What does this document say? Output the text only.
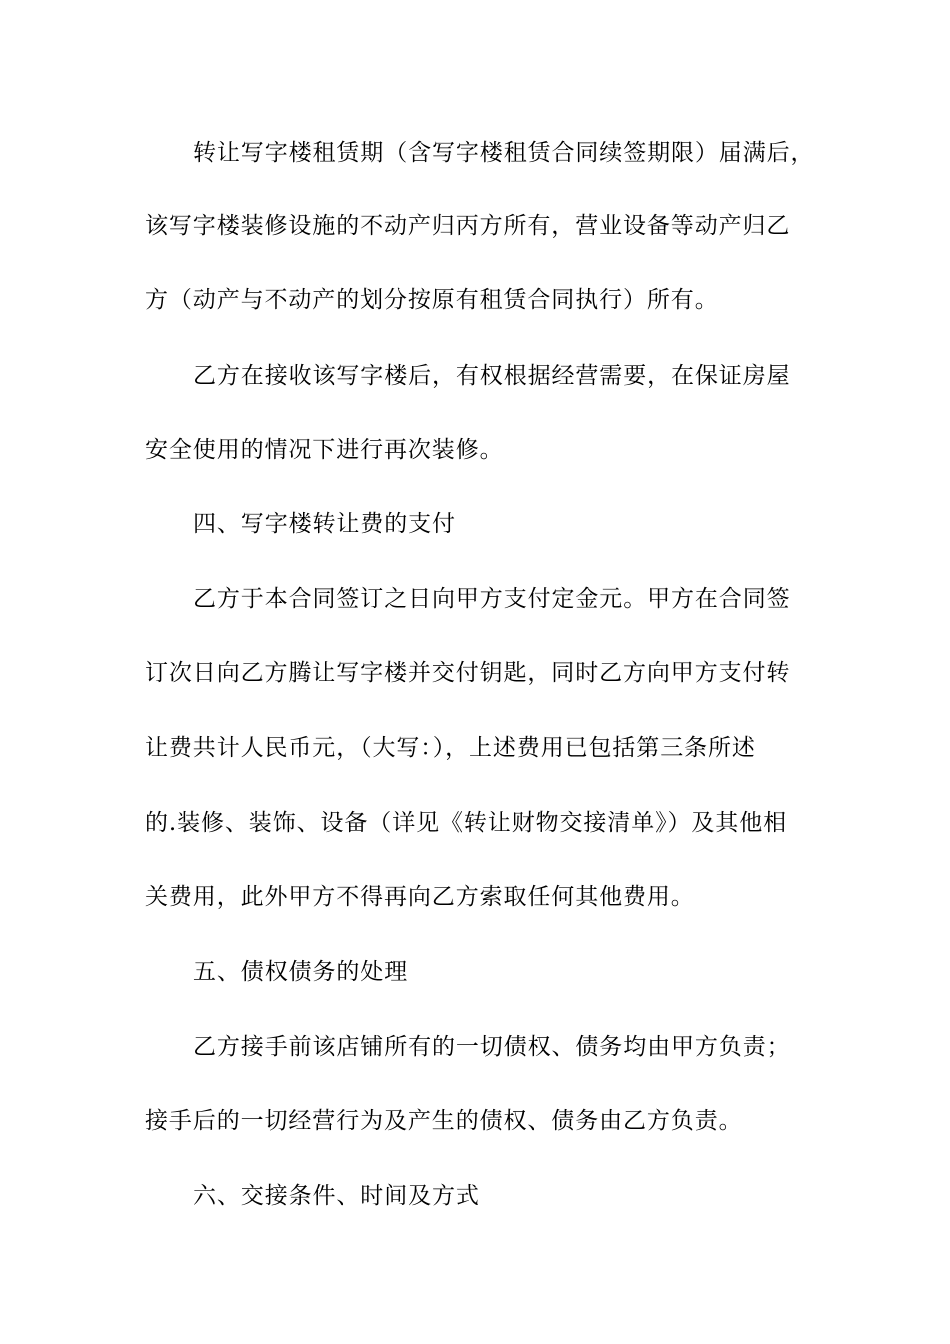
转让写字楼租赁期（含写字楼租赁合同续签期限）届满后，
该写字楼装修设施的不动产归丙方所有，营业设备等动产归乙
方（动产与不动产的划分按原有租赁合同执行）所有。
乙方在接收该写字楼后，有权根据经营需要，在保证房屋
安全使用的情况下进行再次装修。
四、写字楼转让费的支付
乙方于本合同签订之日向甲方支付定金元。甲方在合同签
订次日向乙方腾让写字楼并交付钥匙，同时乙方向甲方支付转
让费共计人民币元，（大写：），上述费用已包括第三条所述
的.装修、装饰、设备（详见《转让财物交接清单》）及其他相
关费用，此外甲方不得再向乙方索取任何其他费用。
五、债权债务的处理
乙方接手前该店铺所有的一切债权、债务均由甲方负责；
接手后的一切经营行为及产生的债权、债务由乙方负责。
六、交接条件、时间及方式
